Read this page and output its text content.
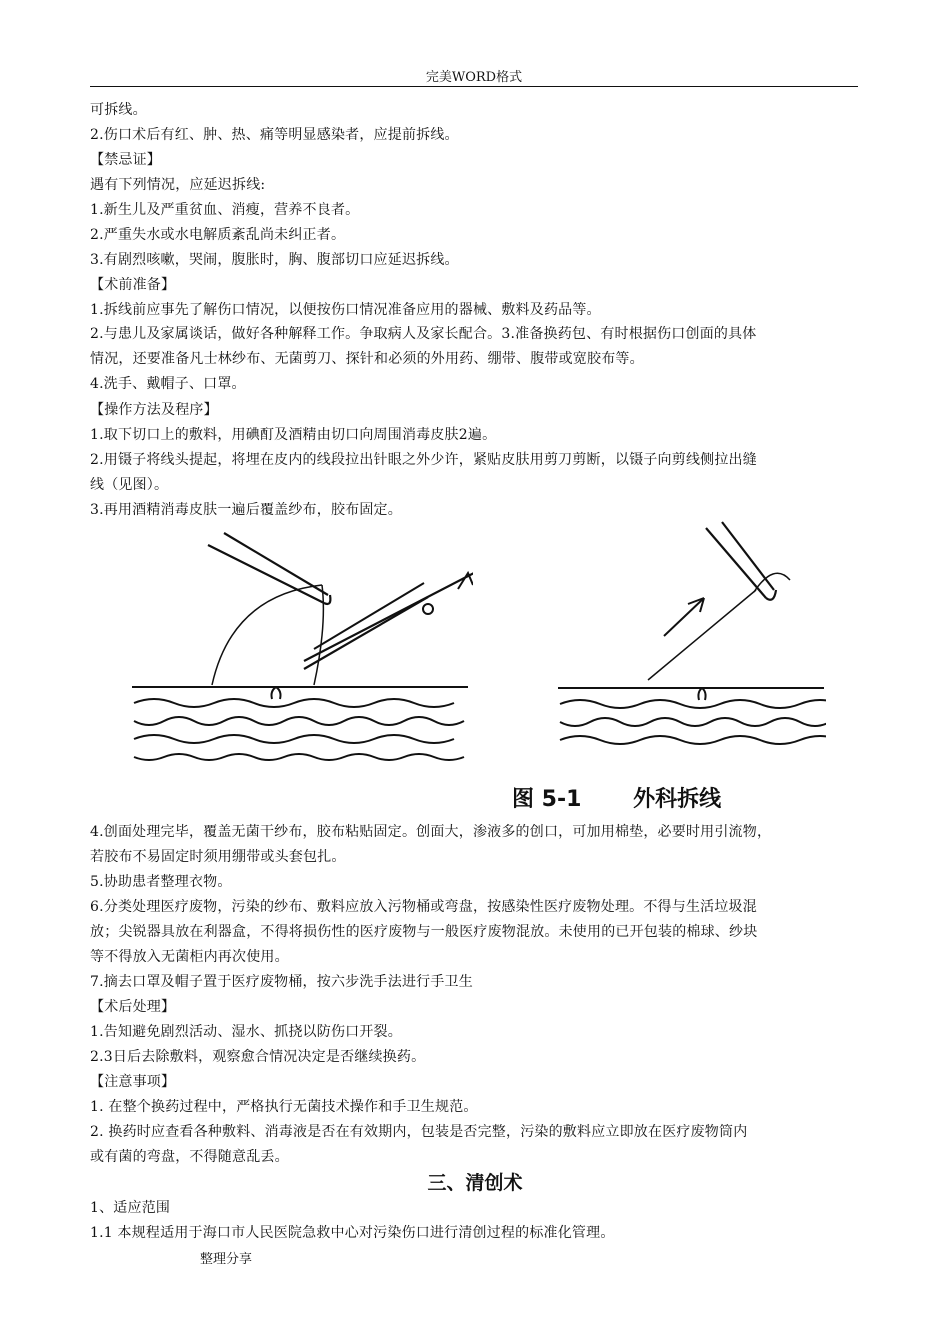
完美WORD格式
可拆线。
2.伤口术后有红、肿、热、痛等明显感染者，应提前拆线。
【禁忌证】
遇有下列情况，应延迟拆线:
1.新生儿及严重贫血、消瘦，营养不良者。
2.严重失水或水电解质紊乱尚未纠正者。
3.有剧烈咳嗽，哭闹，腹胀时，胸、腹部切口应延迟拆线。
【术前准备】
1.拆线前应事先了解伤口情况，以便按伤口情况准备应用的器械、敷料及药品等。
2.与患儿及家属谈话，做好各种解释工作。争取病人及家长配合。3.准备换药包、有时根据伤口创面的具体
情况，还要准备凡士林纱布、无菌剪刀、探针和必须的外用药、绷带、腹带或宽胶布等。
4.洗手、戴帽子、口罩。
【操作方法及程序】
1.取下切口上的敷料，用碘酊及酒精由切口向周围消毒皮肤2遍。
2.用镊子将线头提起，将埋在皮内的线段拉出针眼之外少许，紧贴皮肤用剪刀剪断，以镊子向剪线侧拉出缝
线（见图）。
3.再用酒精消毒皮肤一遍后覆盖纱布，胶布固定。
图 5-1 外科拆线
4.创面处理完毕，覆盖无菌干纱布，胶布粘贴固定。创面大，渗液多的创口，可加用棉垫，必要时用引流物，
若胶布不易固定时须用绷带或头套包扎。
5.协助患者整理衣物。
6.分类处理医疗废物，污染的纱布、敷料应放入污物桶或弯盘，按感染性医疗废物处理。不得与生活垃圾混
放；尖锐器具放在利器盒，不得将损伤性的医疗废物与一般医疗废物混放。未使用的已开包装的棉球、纱块
等不得放入无菌柜内再次使用。
7.摘去口罩及帽子置于医疗废物桶，按六步洗手法进行手卫生
【术后处理】
1.告知避免剧烈活动、湿水、抓挠以防伤口开裂。
2.3日后去除敷料，观察愈合情况决定是否继续换药。
【注意事项】
1. 在整个换药过程中，严格执行无菌技术操作和手卫生规范。
2. 换药时应查看各种敷料、消毒液是否在有效期内，包装是否完整，污染的敷料应立即放在医疗废物筒内
或有菌的弯盘，不得随意乱丢。
三、清创术
1、适应范围
1.1 本规程适用于海口市人民医院急救中心对污染伤口进行清创过程的标准化管理。
整理分享
